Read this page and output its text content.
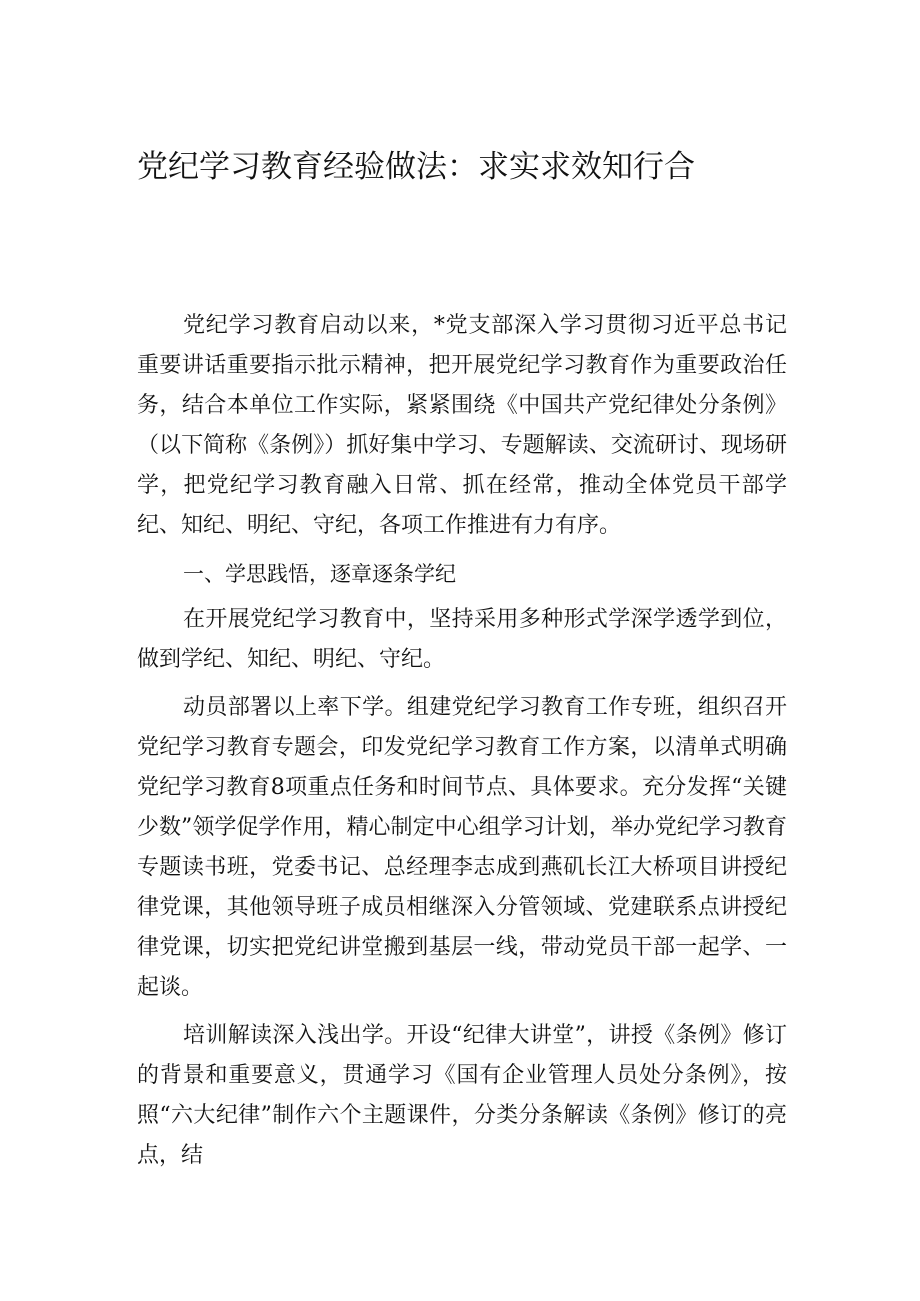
党纪学习教育经验做法：求实求效知行合

党纪学习教育启动以来，*党支部深入学习贯彻习近平总书记重要讲话重要指示批示精神，把开展党纪学习教育作为重要政治任务，结合本单位工作实际，紧紧围绕《中国共产党纪律处分条例》（以下简称《条例》）抓好集中学习、专题解读、交流研讨、现场研学，把党纪学习教育融入日常、抓在经常，推动全体党员干部学纪、知纪、明纪、守纪，各项工作推进有力有序。

一、学思践悟，逐章逐条学纪

在开展党纪学习教育中，坚持采用多种形式学深学透学到位，做到学纪、知纪、明纪、守纪。

动员部署以上率下学。组建党纪学习教育工作专班，组织召开党纪学习教育专题会，印发党纪学习教育工作方案，以清单式明确党纪学习教育8项重点任务和时间节点、具体要求。充分发挥“关键少数”领学促学作用，精心制定中心组学习计划，举办党纪学习教育专题读书班，党委书记、总经理李志成到燕矶长江大桥项目讲授纪律党课，其他领导班子成员相继深入分管领域、党建联系点讲授纪律党课，切实把党纪讲堂搬到基层一线，带动党员干部一起学、一起谈。

培训解读深入浅出学。开设“纪律大讲堂”，讲授《条例》修订的背景和重要意义，贯通学习《国有企业管理人员处分条例》，按照“六大纪律”制作六个主题课件，分类分条解读《条例》修订的亮点，结
